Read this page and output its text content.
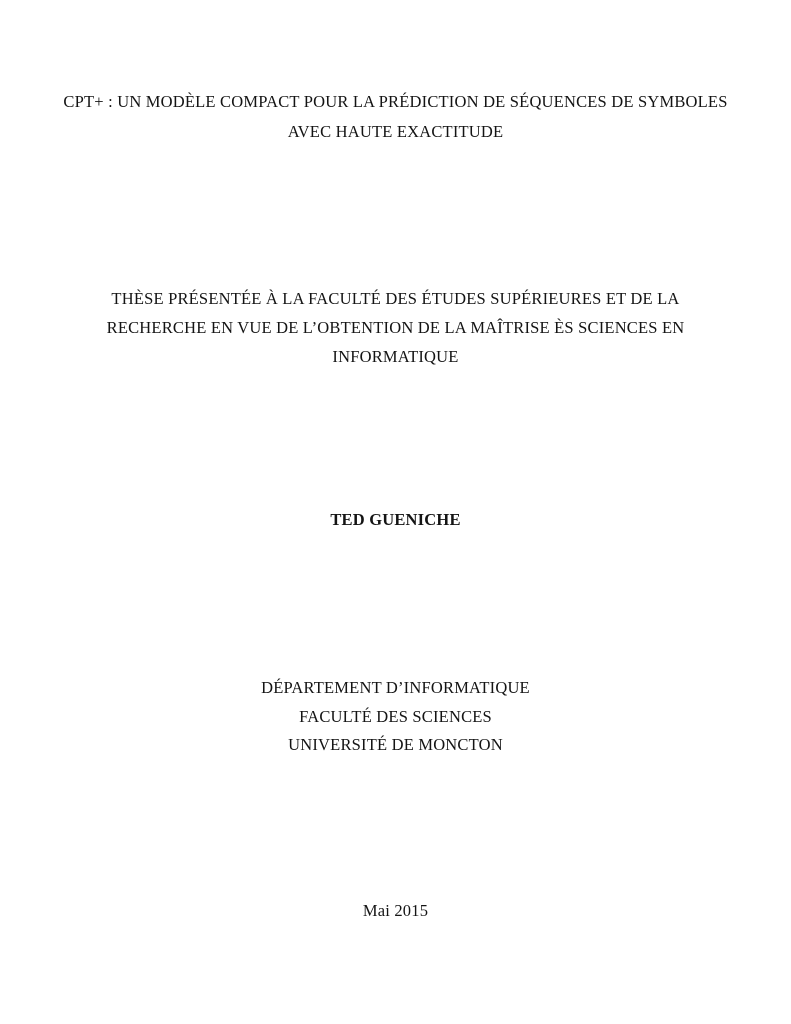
CPT+ : UN MODÈLE COMPACT POUR LA PRÉDICTION DE SÉQUENCES DE SYMBOLES
AVEC HAUTE EXACTITUDE
THÈSE PRÉSENTÉE À LA FACULTÉ DES ÉTUDES SUPÉRIEURES ET DE LA
RECHERCHE EN VUE DE L’OBTENTION DE LA MAÎTRISE ÈS SCIENCES EN
INFORMATIQUE
TED GUENICHE
DÉPARTEMENT D’INFORMATIQUE
FACULTÉ DES SCIENCES
UNIVERSITÉ DE MONCTON
Mai 2015
